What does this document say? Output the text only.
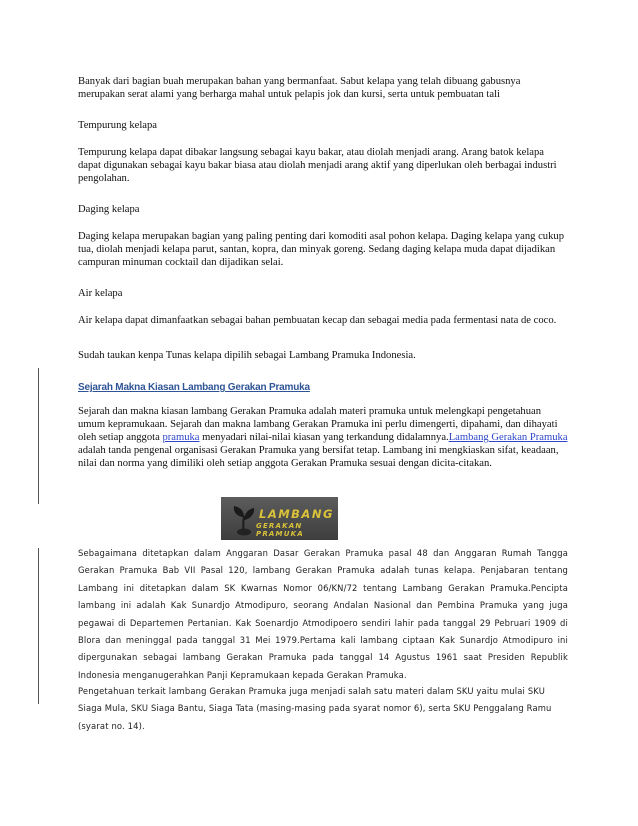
Banyak dari bagian buah merupakan bahan yang bermanfaat. Sabut kelapa yang telah dibuang gabusnya merupakan serat alami yang berharga mahal untuk pelapis jok dan kursi, serta untuk pembuatan tali

Tempurung kelapa

Tempurung kelapa dapat dibakar langsung sebagai kayu bakar, atau diolah menjadi arang. Arang batok kelapa dapat digunakan sebagai kayu bakar biasa atau diolah menjadi arang aktif yang diperlukan oleh berbagai industri pengolahan.

Daging kelapa

Daging kelapa merupakan bagian yang paling penting dari komoditi asal pohon kelapa. Daging kelapa yang cukup tua, diolah menjadi kelapa parut, santan, kopra, dan minyak goreng. Sedang daging kelapa muda dapat dijadikan campuran minuman cocktail dan dijadikan selai.

Air kelapa

Air kelapa dapat dimanfaatkan sebagai bahan pembuatan kecap dan sebagai media pada fermentasi nata de coco.

Sudah taukan kenpa Tunas kelapa dipilih sebagai Lambang Pramuka Indonesia.

Sejarah Makna Kiasan Lambang Gerakan Pramuka

Sejarah dan makna kiasan lambang Gerakan Pramuka adalah materi pramuka untuk melengkapi pengetahuan umum kepramukaan. Sejarah dan makna lambang Gerakan Pramuka ini perlu dimengerti, dipahami, dan dihayati oleh setiap anggota pramuka menyadari nilai-nilai kiasan yang terkandung didalamnya.Lambang Gerakan Pramuka adalah tanda pengenal organisasi Gerakan Pramuka yang bersifat tetap. Lambang ini mengkiaskan sifat, keadaan, nilai dan norma yang dimiliki oleh setiap anggota Gerakan Pramuka sesuai dengan dicita-citakan.

LAMBANG
GERAKAN PRAMUKA

Sebagaimana ditetapkan dalam Anggaran Dasar Gerakan Pramuka pasal 48 dan Anggaran Rumah Tangga Gerakan Pramuka Bab VII Pasal 120, lambang Gerakan Pramuka adalah tunas kelapa. Penjabaran tentang Lambang ini ditetapkan dalam SK Kwarnas Nomor 06/KN/72 tentang Lambang Gerakan Pramuka.Pencipta lambang ini adalah Kak Sunardjo Atmodipuro, seorang Andalan Nasional dan Pembina Pramuka yang juga pegawai di Departemen Pertanian. Kak Soenardjo Atmodipoero sendiri lahir pada tanggal 29 Pebruari 1909 di Blora dan meninggal pada tanggal 31 Mei 1979.Pertama kali lambang ciptaan Kak Sunardjo Atmodipuro ini dipergunakan sebagai lambang Gerakan Pramuka pada tanggal 14 Agustus 1961 saat Presiden Republik Indonesia menganugerahkan Panji Kepramukaan kepada Gerakan Pramuka.

Pengetahuan terkait lambang Gerakan Pramuka juga menjadi salah satu materi dalam SKU yaitu mulai SKU Siaga Mula, SKU Siaga Bantu, Siaga Tata (masing-masing pada syarat nomor 6), serta SKU Penggalang Ramu (syarat no. 14).
